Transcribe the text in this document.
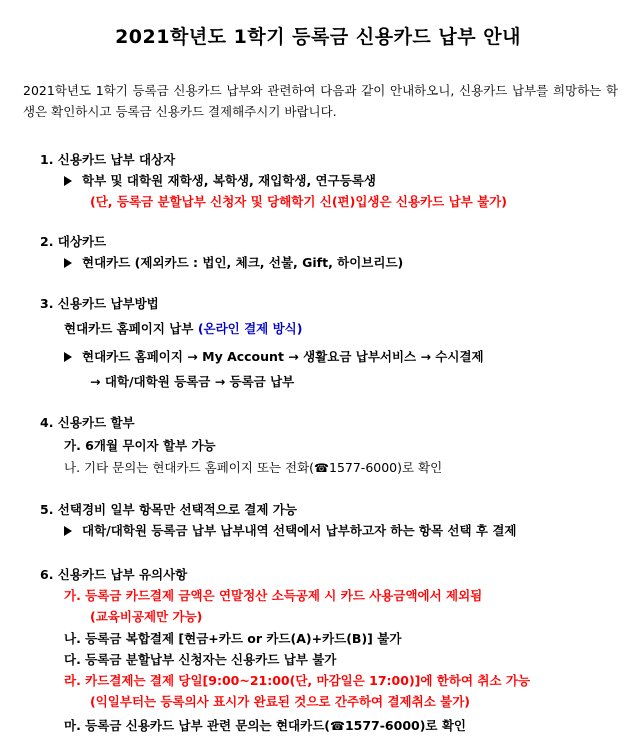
2021학년도 1학기 등록금 신용카드 납부 안내
2021학년도 1학기 등록금 신용카드 납부와 관련하여 다음과 같이 안내하오니, 신용카드 납부를 희망하는 학생은 확인하시고 등록금 신용카드 결제해주시기 바랍니다.
1. 신용카드 납부 대상자
학부 및 대학원 재학생, 복학생, 재입학생, 연구등록생
(단, 등록금 분할납부 신청자 및 당해학기 신(편)입생은 신용카드 납부 불가)
2. 대상카드
현대카드 (제외카드 : 법인, 체크, 선불, Gift, 하이브리드)
3. 신용카드 납부방법
현대카드 홈페이지 납부 (온라인 결제 방식)
현대카드 홈페이지 → My Account → 생활요금 납부서비스 → 수시결제
→ 대학/대학원 등록금 → 등록금 납부
4. 신용카드 할부
가. 6개월 무이자 할부 가능
나. 기타 문의는 현대카드 홈페이지 또는 전화(☎1577-6000)로 확인
5. 선택경비 일부 항목만 선택적으로 결제 가능
대학/대학원 등록금 납부 납부내역 선택에서 납부하고자 하는 항목 선택 후 결제
6. 신용카드 납부 유의사항
가. 등록금 카드결제 금액은 연말정산 소득공제 시 카드 사용금액에서 제외됨
(교육비공제만 가능)
나. 등록금 복합결제 [현금+카드 or 카드(A)+카드(B)] 불가
다. 등록금 분할납부 신청자는 신용카드 납부 불가
라. 카드결제는 결제 당일[9:00~21:00(단, 마감일은 17:00)]에 한하여 취소 가능
(익일부터는 등록의사 표시가 완료된 것으로 간주하여 결제취소 불가)
마. 등록금 신용카드 납부 관련 문의는 현대카드(☎1577-6000)로 확인
